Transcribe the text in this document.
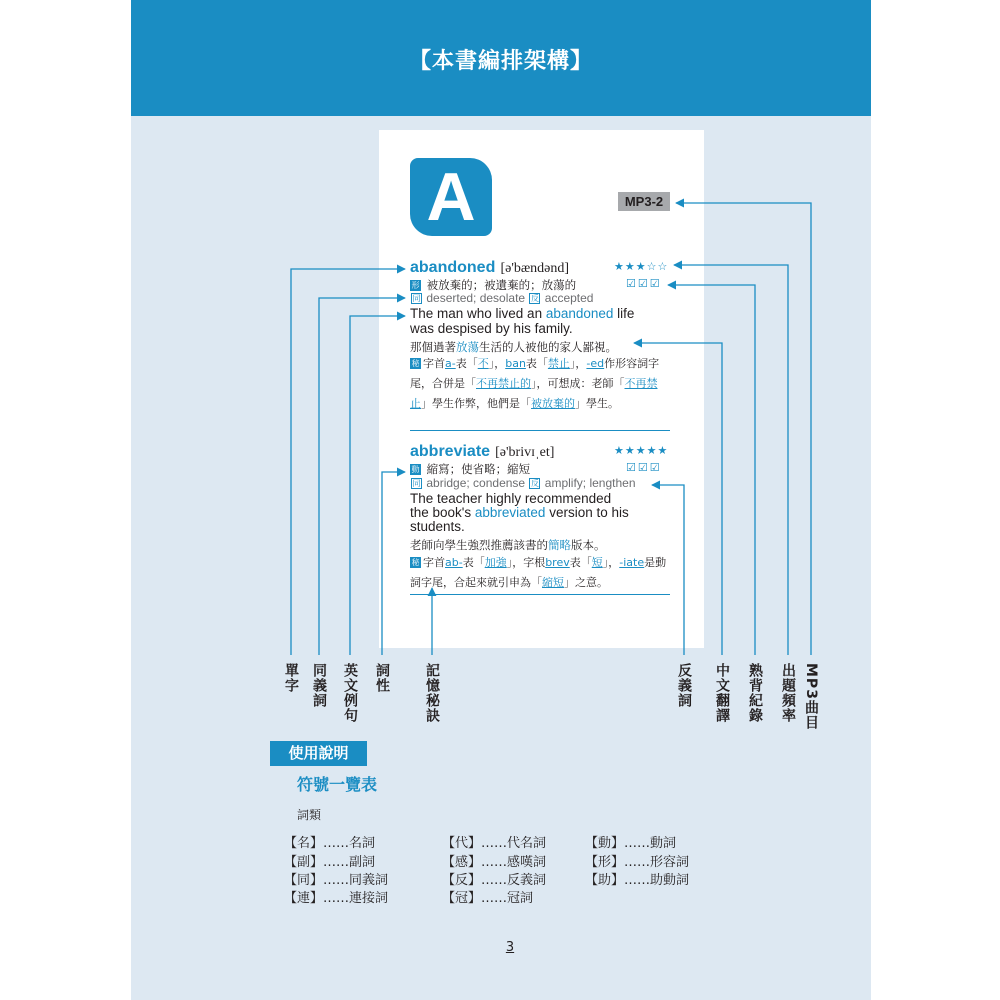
【本書編排架構】
A	MP3-2
abandoned [ə'bændənd]	★★★☆☆
☑☑☑
形 被放棄的；被遺棄的；放蕩的
同 deserted; desolate 反 accepted
The man who lived an abandoned life
was despised by his family.
那個過著放蕩生活的人被他的家人鄙視。
秘 字首a-表「不」，ban表「禁止」，-ed作形容詞字尾，合併是「不再禁止的」，可想成：老師「不再禁止」學生作弊，他們是「被放棄的」學生。
abbreviate [ə'brivɪˌet]	★★★★★
☑☑☑
動 縮寫；使省略；縮短
同 abridge; condense 反 amplify; lengthen
The teacher highly recommended
the book's abbreviated version to his
students.
老師向學生強烈推薦該書的簡略版本。
秘 字首ab-表「加強」，字根brev表「短」，-iate是動詞字尾，合起來就引申為「縮短」之意。
單字 同義詞 英文例句 詞性 記憶秘訣	反義詞 中文翻譯 熟背紀錄 出題頻率 MP3曲目
使用說明
符號一覽表
詞類
【名】……名詞	【代】……代名詞	【動】……動詞
【副】……副詞	【感】……感嘆詞	【形】……形容詞
【同】……同義詞	【反】……反義詞	【助】……助動詞
【連】……連接詞	【冠】……冠詞
3
